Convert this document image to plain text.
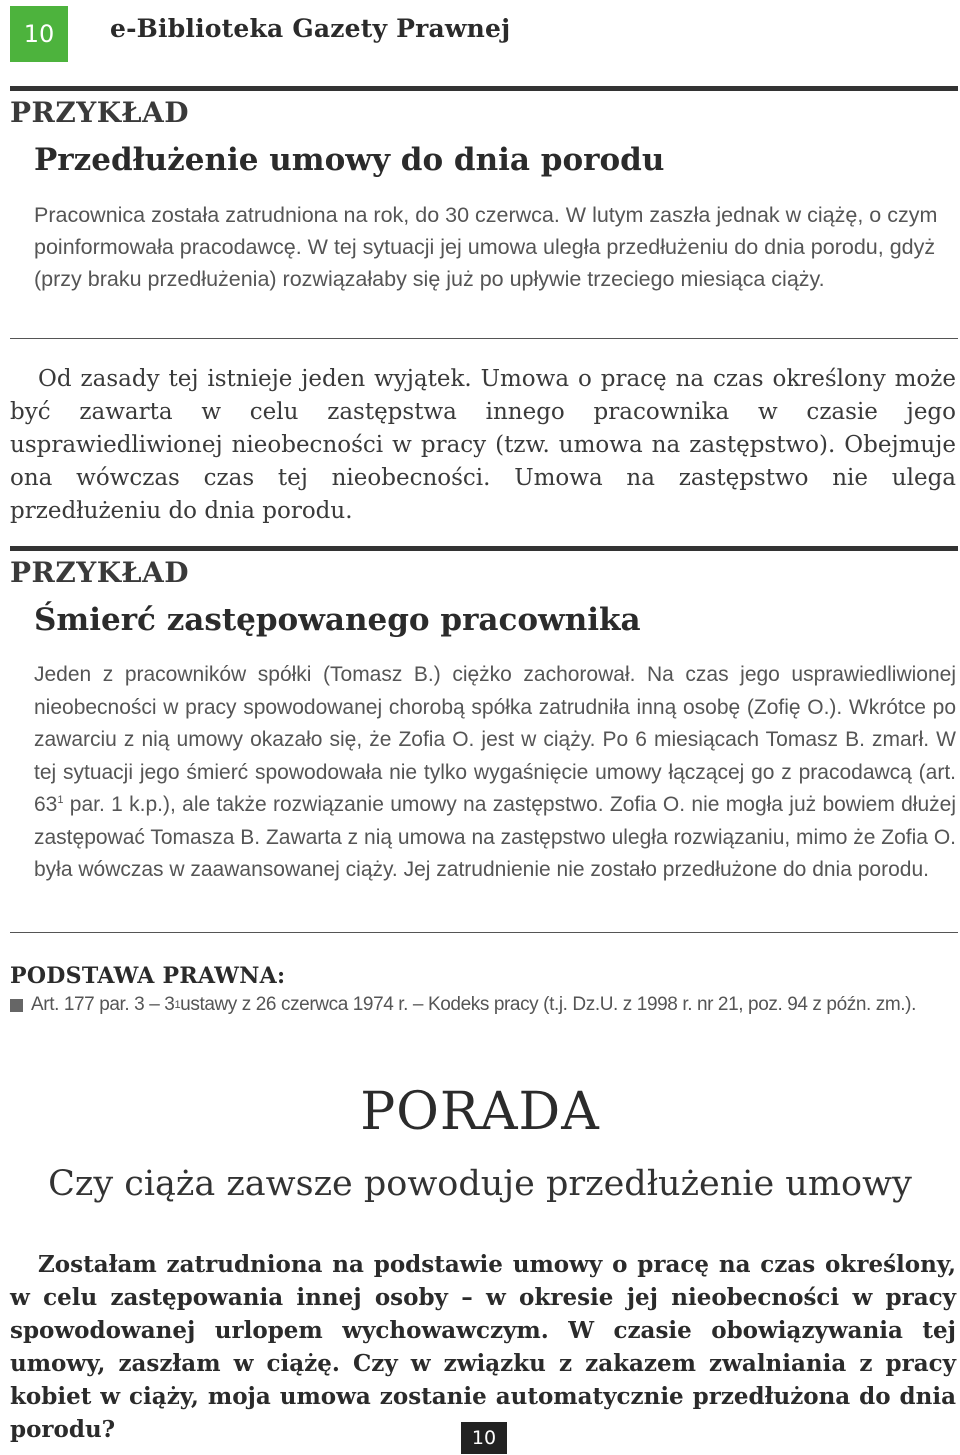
10	e-Biblioteka Gazety Prawnej
PRZYKŁAD
Przedłużenie umowy do dnia porodu
Pracownica została zatrudniona na rok, do 30 czerwca. W lutym zaszła jednak w ciążę, o czym poinformowała pracodawcę. W tej sytuacji jej umowa uległa przedłużeniu do dnia porodu, gdyż (przy braku przedłużenia) rozwiązałaby się już po upływie trzeciego miesiąca ciąży.
Od zasady tej istnieje jeden wyjątek. Umowa o pracę na czas określony może być zawarta w celu zastępstwa innego pracownika w czasie jego usprawiedliwionej nieobecności w pracy (tzw. umowa na zastępstwo). Obejmuje ona wówczas czas tej nieobecności. Umowa na zastępstwo nie ulega przedłużeniu do dnia porodu.
PRZYKŁAD
Śmierć zastępowanego pracownika
Jeden z pracowników spółki (Tomasz B.) ciężko zachorował. Na czas jego usprawiedliwionej nieobecności w pracy spowodowanej chorobą spółka zatrudniła inną osobę (Zofię O.). Wkrótce po zawarciu z nią umowy okazało się, że Zofia O. jest w ciąży. Po 6 miesiącach Tomasz B. zmarł. W tej sytuacji jego śmierć spowodowała nie tylko wygaśnięcie umowy łączącej go z pracodawcą (art. $63^1$ par. 1 k.p.), ale także rozwiązanie umowy na zastępstwo. Zofia O. nie mogła już bowiem dłużej zastępować Tomasza B. Zawarta z nią umowa na zastępstwo uległa rozwiązaniu, mimo że Zofia O. była wówczas w zaawansowanej ciąży. Jej zatrudnienie nie zostało przedłużone do dnia porodu.
PODSTAWA PRAWNA:
Art. 177 par. 3 – 3 1 ustawy z 26 czerwca 1974 r. – Kodeks pracy (t.j. Dz.U. z 1998 r. nr 21, poz. 94 z późn. zm.).
PORADA
Czy ciąża zawsze powoduje przedłużenie umowy
Zostałam zatrudniona na podstawie umowy o pracę na czas określony, w celu zastępowania innej osoby – w okresie jej nieobecności w pracy spowodowanej urlopem wychowawczym. W czasie obowiązywania tej umowy, zaszłam w ciążę. Czy w związku z zakazem zwalniania z pracy kobiet w ciąży, moja umowa zostanie automatycznie przedłużona do dnia porodu?	10
